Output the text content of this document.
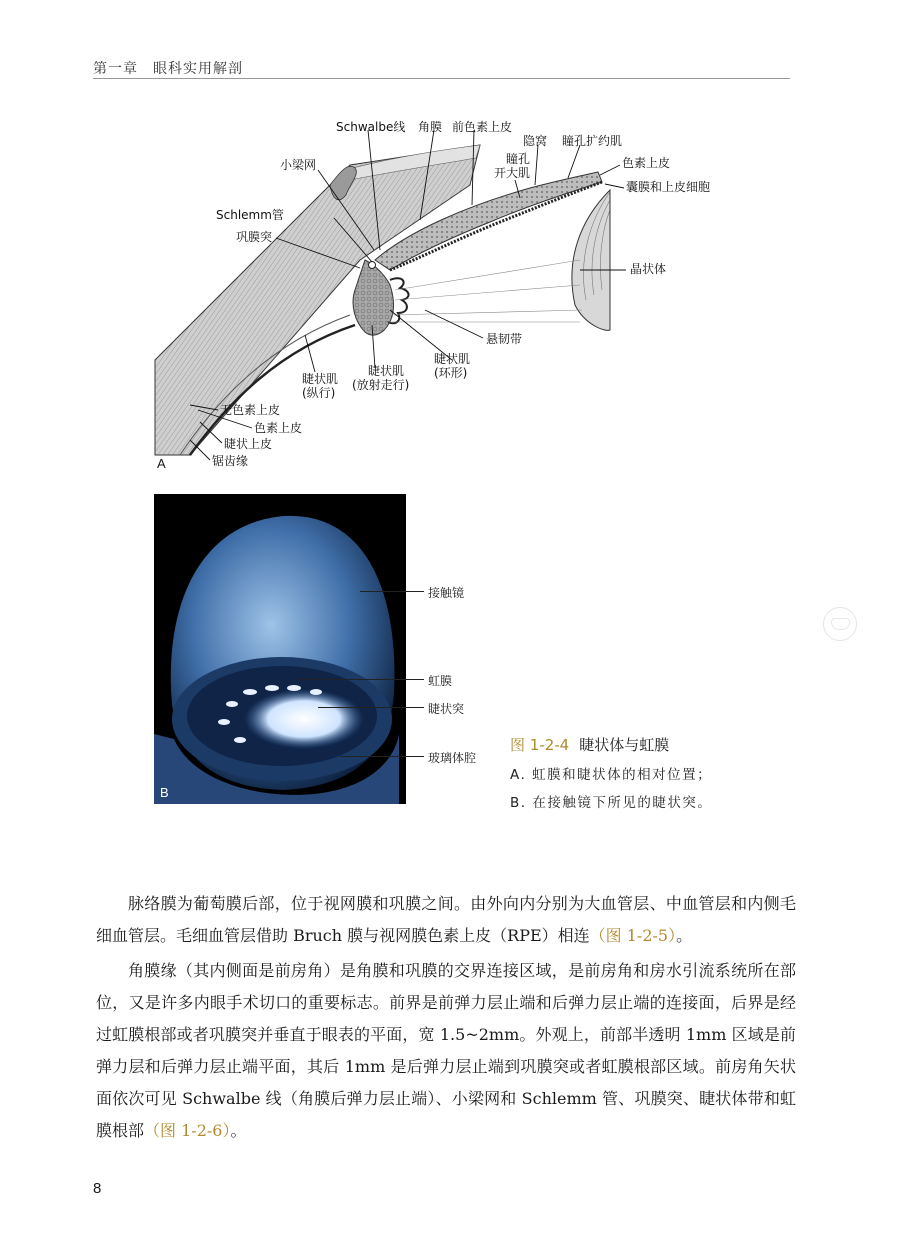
第一章　眼科实用解剖
Schwalbe线 角膜 前色素上皮
隐窝 瞳孔扩约肌
色素上皮
瞳孔
开大肌
囊膜和上皮细胞
小梁网
Schlemm管
巩膜突
上巩膜血管	晶状体
悬韧带
睫状肌
(环形)
睫状肌
(放射走行)
睫状肌
(纵行)
无色素上皮
色素上皮
睫状上皮
锯齿缘
A
B
接触镜
虹膜
睫状突
玻璃体腔
图 1-2-4 睫状体与虹膜
A. 虹膜和睫状体的相对位置；
B. 在接触镜下所见的睫状突。

脉络膜为葡萄膜后部，位于视网膜和巩膜之间。由外向内分别为大血管层、中血管层和内侧毛细血管层。毛细血管层借助 Bruch 膜与视网膜色素上皮（RPE）相连（图 1-2-5）。

角膜缘（其内侧面是前房角）是角膜和巩膜的交界连接区域，是前房角和房水引流系统所在部位，又是许多内眼手术切口的重要标志。前界是前弹力层止端和后弹力层止端的连接面，后界是经过虹膜根部或者巩膜突并垂直于眼表的平面，宽 1.5~2mm。外观上，前部半透明 1mm 区域是前弹力层和后弹力层止端平面，其后 1mm 是后弹力层止端到巩膜突或者虹膜根部区域。前房角矢状面依次可见 Schwalbe 线（角膜后弹力层止端）、小梁网和 Schlemm 管、巩膜突、睫状体带和虹膜根部（图 1-2-6）。

8
